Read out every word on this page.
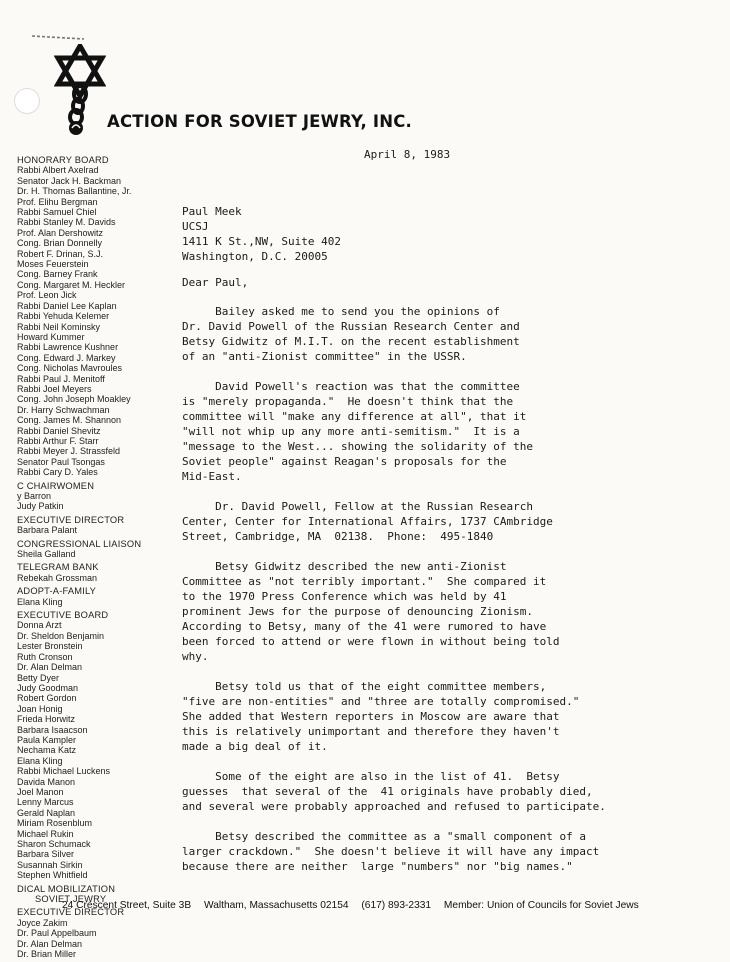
ACTION FOR SOVIET JEWRY, INC.
HONORARY BOARD
Rabbi Albert Axelrad
Senator Jack H. Backman
Dr. H. Thomas Ballantine, Jr.
Prof. Elihu Bergman
Rabbi Samuel Chiel
Rabbi Stanley M. Davids
Prof. Alan Dershowitz
Cong. Brian Donnelly
Robert F. Drinan, S.J.
Moses Feuerstein
Cong. Barney Frank
Cong. Margaret M. Heckler
Prof. Leon Jick
Rabbi Daniel Lee Kaplan
Rabbi Yehuda Kelemer
Rabbi Neil Kominsky
Howard Kummer
Rabbi Lawrence Kushner
Cong. Edward J. Markey
Cong. Nicholas Mavroules
Rabbi Paul J. Menitoff
Rabbi Joel Meyers
Cong. John Joseph Moakley
Dr. Harry Schwachman
Cong. James M. Shannon
Rabbi Daniel Shevitz
Rabbi Arthur F. Starr
Rabbi Meyer J. Strassfeld
Senator Paul Tsongas
Rabbi Cary D. Yales
C CHAIRWOMEN
y Barron
Judy Patkin
EXECUTIVE DIRECTOR
Barbara Palant
CONGRESSIONAL LIAISON
Sheila Galland
TELEGRAM BANK
Rebekah Grossman
ADOPT-A-FAMILY
Elana Kling
EXECUTIVE BOARD
Donna Arzt
Dr. Sheldon Benjamin
Lester Bronstein
Ruth Cronson
Dr. Alan Delman
Betty Dyer
Judy Goodman
Robert Gordon
Joan Honig
Frieda Horwitz
Barbara Isaacson
Paula Kampler
Nechama Katz
Elana Kling
Rabbi Michael Luckens
Davida Manon
Joel Manon
Lenny Marcus
Gerald Naplan
Miriam Rosenblum
Michael Rukin
Sharon Schumack
Barbara Silver
Susannah Sirkin
Stephen Whitfield
DICAL MOBILIZATION
SOVIET JEWRY
EXECUTIVE DIRECTOR
Joyce Zakim
Dr. Paul Appelbaum
Dr. Alan Delman
Dr. Brian Miller
April 8, 1983
Paul Meek
UCSJ
1411 K St.,NW, Suite 402
Washington, D.C. 20005
Dear Paul,

Bailey asked me to send you the opinions of
Dr. David Powell of the Russian Research Center and
Betsy Gidwitz of M.I.T. on the recent establishment
of an "anti-Zionist committee" in the USSR.

David Powell's reaction was that the committee
is "merely propaganda."  He doesn't think that the
committee will "make any difference at all", that it
"will not whip up any more anti-semitism."  It is a
"message to the West... showing the solidarity of the
Soviet people" against Reagan's proposals for the
Mid-East.

Dr. David Powell, Fellow at the Russian Research
Center, Center for International Affairs, 1737 CAmbridge
Street, Cambridge, MA  02138.  Phone:  495-1840

Betsy Gidwitz described the new anti-Zionist
Committee as "not terribly important."  She compared it
to the 1970 Press Conference which was held by 41
prominent Jews for the purpose of denouncing Zionism.
According to Betsy, many of the 41 were rumored to have
been forced to attend or were flown in without being told
why.

Betsy told us that of the eight committee members,
"five are non-entities" and "three are totally compromised."
She added that Western reporters in Moscow are aware that
this is relatively unimportant and therefore they haven't
made a big deal of it.

Some of the eight are also in the list of 41.  Betsy
guesses  that several of the  41 originals have probably died,
and several were probably approached and refused to participate.

Betsy described the committee as a "small component of a
larger crackdown."  She doesn't believe it will have any impact
because there are neither  large "numbers" nor "big names."

24 Crescent Street, Suite 3B Waltham, Massachusetts 02154 (617) 893-2331 Member: Union of Councils for Soviet Jews
